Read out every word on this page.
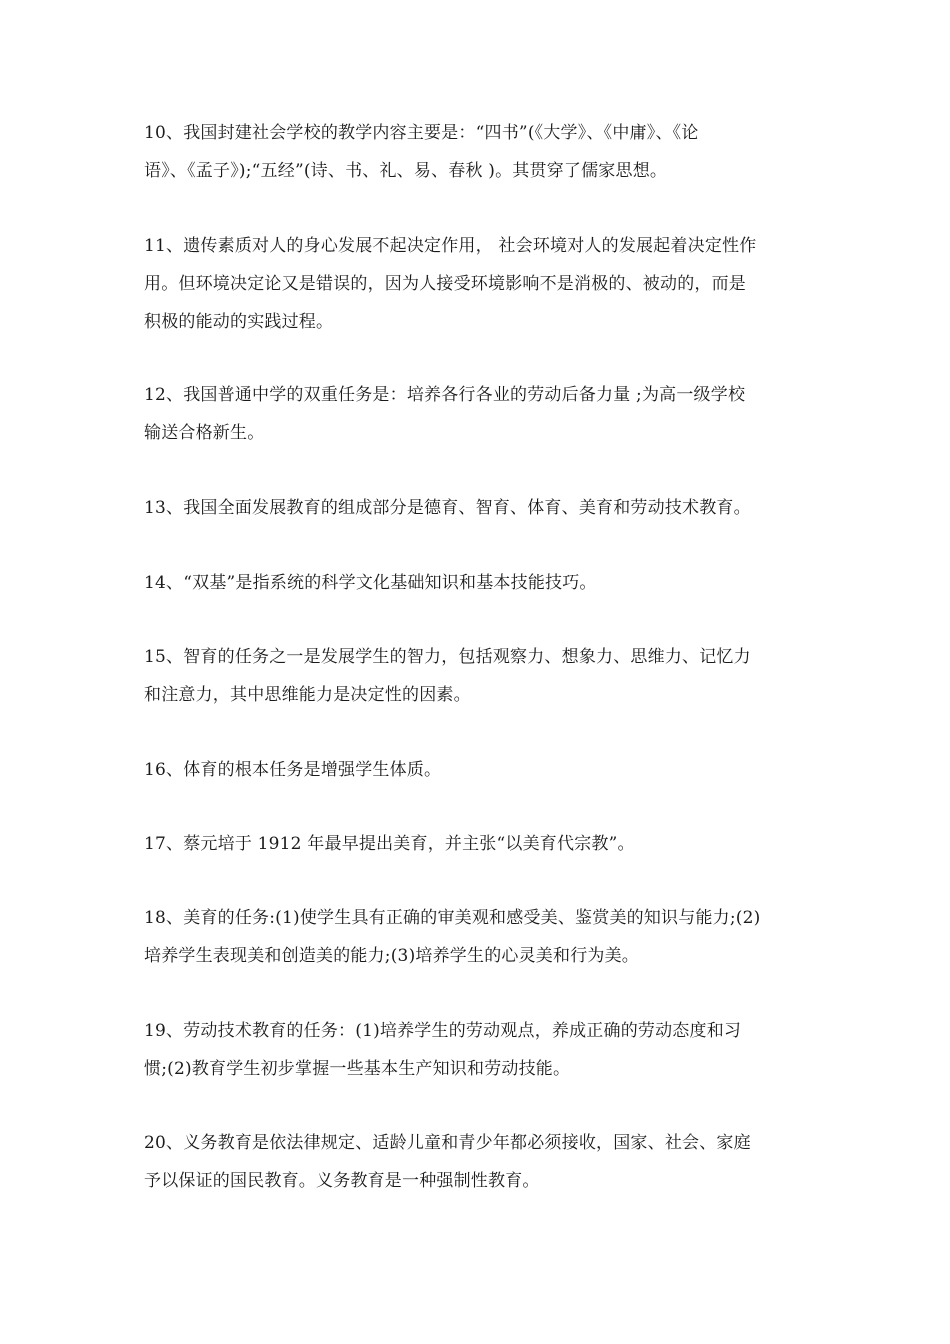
10、我国封建社会学校的教学内容主要是：“四书”(《大学》、《中庸》、《论
语》、《孟子》);“五经”(诗、书、礼、易、春秋 )。其贯穿了儒家思想。
11、遗传素质对人的身心发展不起决定作用， 社会环境对人的发展起着决定性作
用。但环境决定论又是错误的，因为人接受环境影响不是消极的、被动的，而是
积极的能动的实践过程。
12、我国普通中学的双重任务是：培养各行各业的劳动后备力量 ;为高一级学校
输送合格新生。
13、我国全面发展教育的组成部分是德育、智育、体育、美育和劳动技术教育。
14、“双基”是指系统的科学文化基础知识和基本技能技巧。
15、智育的任务之一是发展学生的智力，包括观察力、想象力、思维力、记忆力
和注意力，其中思维能力是决定性的因素。
16、体育的根本任务是增强学生体质。
17、蔡元培于 1912 年最早提出美育，并主张“以美育代宗教”。
18、美育的任务:(1)使学生具有正确的审美观和感受美、鉴赏美的知识与能力;(2)
培养学生表现美和创造美的能力;(3)培养学生的心灵美和行为美。
19、劳动技术教育的任务：(1)培养学生的劳动观点，养成正确的劳动态度和习
惯;(2)教育学生初步掌握一些基本生产知识和劳动技能。
20、义务教育是依法律规定、适龄儿童和青少年都必须接收，国家、社会、家庭
予以保证的国民教育。义务教育是一种强制性教育。
